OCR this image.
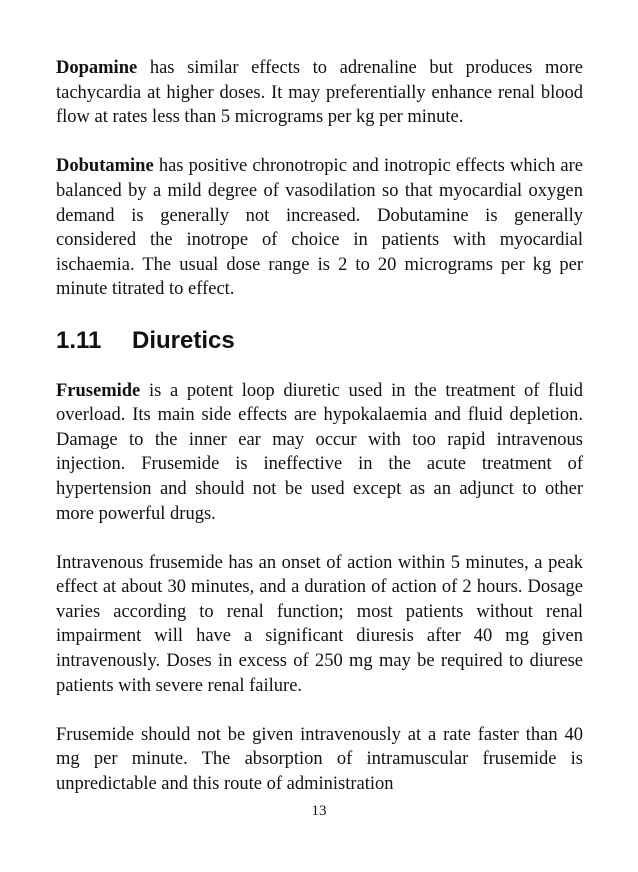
Dopamine has similar effects to adrenaline but produces more tachycardia at higher doses. It may preferentially enhance renal blood flow at rates less than 5 micrograms per kg per minute.

Dobutamine has positive chronotropic and inotropic effects which are balanced by a mild degree of vasodilation so that myocardial oxygen demand is generally not increased. Dobutamine is generally considered the inotrope of choice in patients with myocardial ischaemia. The usual dose range is 2 to 20 micrograms per kg per minute titrated to effect.

1.11	Diuretics

Frusemide is a potent loop diuretic used in the treatment of fluid overload. Its main side effects are hypokalaemia and fluid depletion. Damage to the inner ear may occur with too rapid intravenous injection. Frusemide is ineffective in the acute treatment of hypertension and should not be used except as an adjunct to other more powerful drugs.

Intravenous frusemide has an onset of action within 5 minutes, a peak effect at about 30 minutes, and a duration of action of 2 hours. Dosage varies according to renal function; most patients without renal impairment will have a significant diuresis after 40 mg given intravenously. Doses in excess of 250 mg may be required to diurese patients with severe renal failure.

Frusemide should not be given intravenously at a rate faster than 40 mg per minute. The absorption of intramuscular frusemide is unpredictable and this route of administration

13
